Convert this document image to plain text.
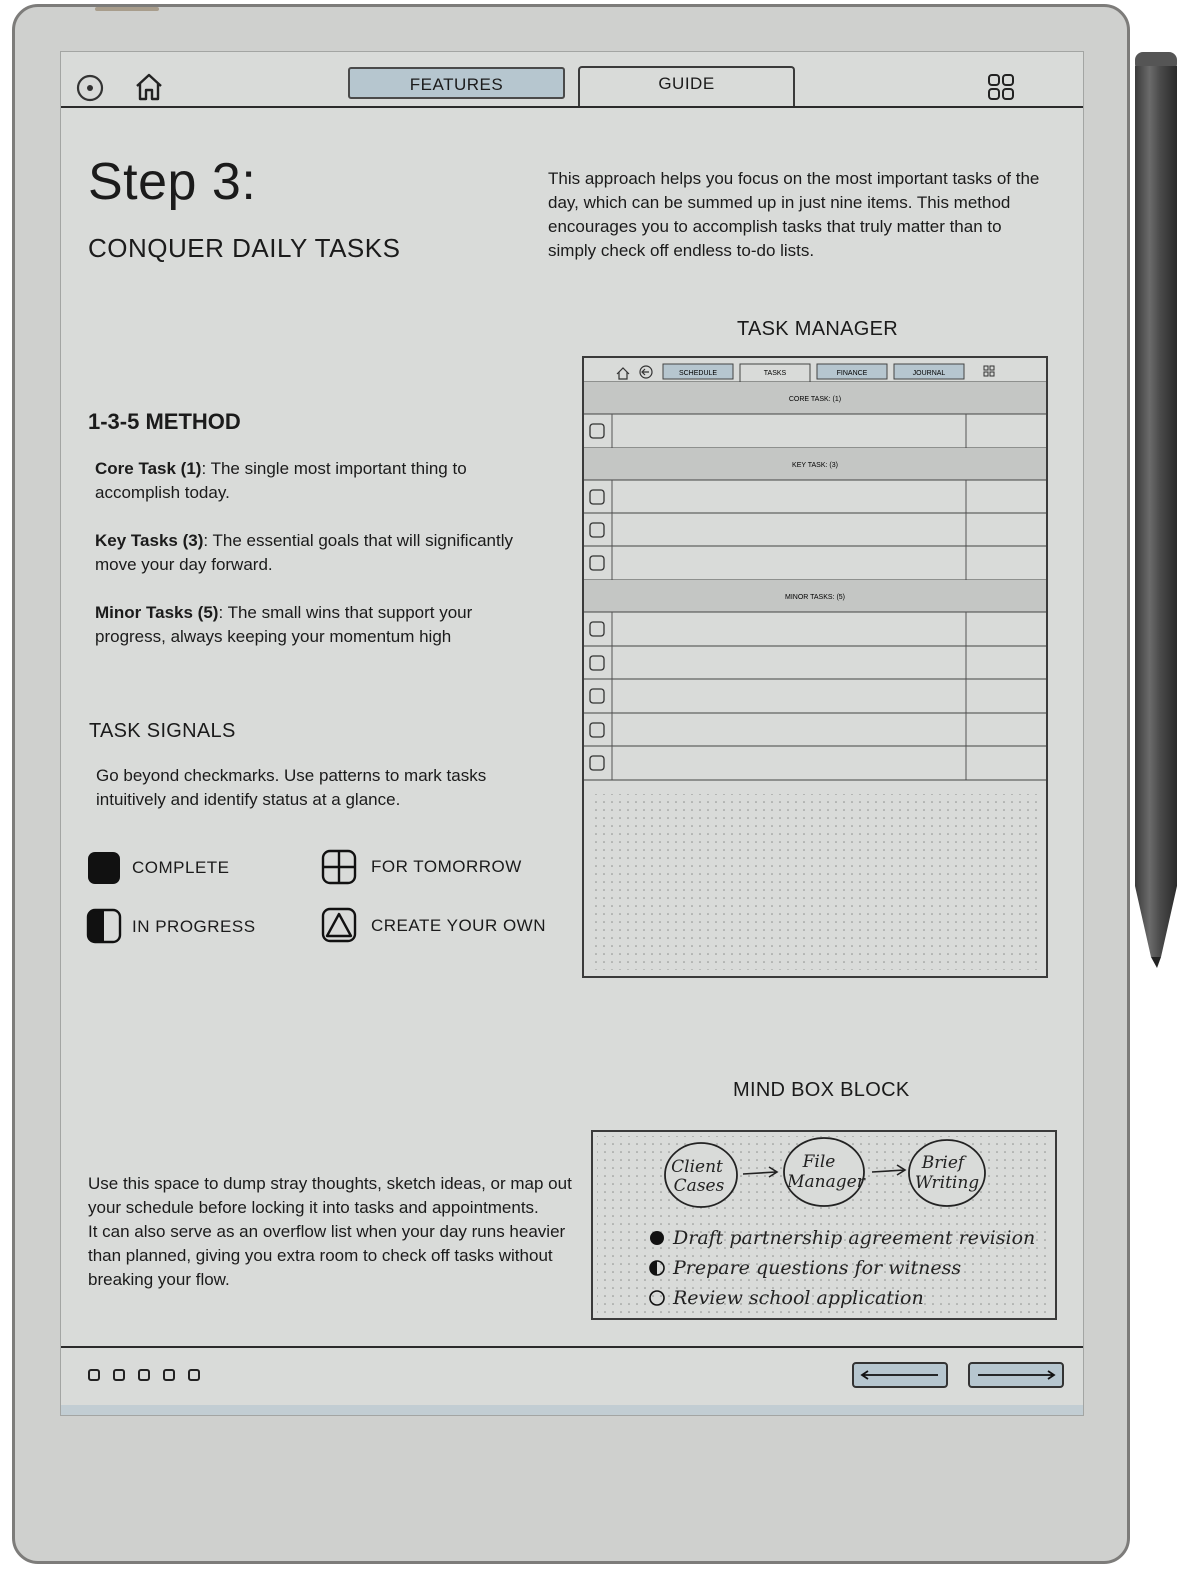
FEATURES	GUIDE
Step 3:
CONQUER DAILY TASKS
This approach helps you focus on the most important tasks of the day, which can be summed up in just nine items. This method encourages you to accomplish tasks that truly matter than to simply check off endless to-do lists.
1-3-5 METHOD
Core Task (1): The single most important thing to accomplish today.
Key Tasks (3): The essential goals that will significantly move your day forward.
Minor Tasks (5): The small wins that support your progress, always keeping your momentum high
TASK SIGNALS
Go beyond checkmarks. Use patterns to mark tasks intuitively and identify status at a glance.
COMPLETE	FOR TOMORROW
IN PROGRESS	CREATE YOUR OWN
TASK MANAGER
SCHEDULE	TASKS	FINANCE	JOURNAL
CORE TASK: (1)
KEY TASK: (3)
MINOR TASKS: (5)
MIND BOX BLOCK
Client
Cases
File
Manager
Brief
Writing
Draft partnership agreement revision
Prepare questions for witness
Review school application
Use this space to dump stray thoughts, sketch ideas, or map out your schedule before locking it into tasks and appointments.
It can also serve as an overflow list when your day runs heavier than planned, giving you extra room to check off tasks without breaking your flow.
